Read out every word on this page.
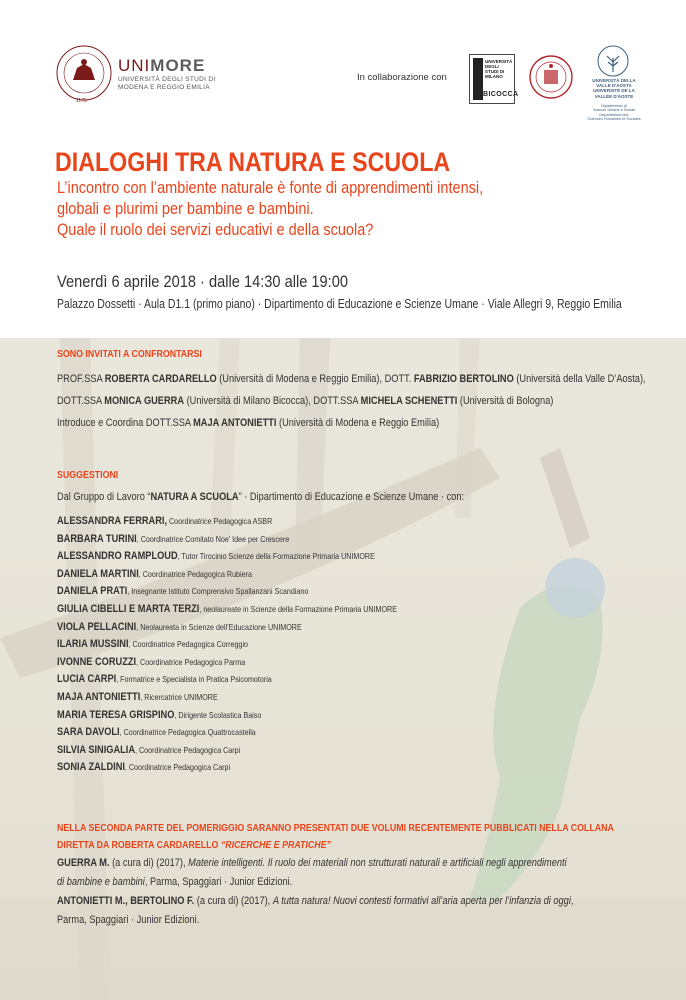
1175
UNIMORE
UNIVERSITÀ DEGLI STUDI DI
MODENA E REGGIO EMILIA
In collaborazione con
UNIVERSITÀ DEGLI STUDI DI MILANO
BICOCCA
UNIVERSITÀ DELLA
VALLE D'AOSTA
UNIVERSITÉ DE LA
VALLÉE D'AOSTE
Dipartimento di
Scienze Umane e Sociali
Département des
Sciences Humaines et Sociales
DIALOGHI TRA NATURA E SCUOLA
L’incontro con l’ambiente naturale è fonte di apprendimenti intensi,
globali e plurimi per bambine e bambini.
Quale il ruolo dei servizi educativi e della scuola?
Venerdì 6 aprile 2018 · dalle 14:30 alle 19:00
Palazzo Dossetti · Aula D1.1 (primo piano) · Dipartimento di Educazione e Scienze Umane · Viale Allegri 9, Reggio Emilia
SONO INVITATI A CONFRONTARSI
PROF.SSA ROBERTA CARDARELLO (Università di Modena e Reggio Emilia), DOTT. FABRIZIO BERTOLINO (Università della Valle D’Aosta),
DOTT.SSA MONICA GUERRA (Università di Milano Bicocca), DOTT.SSA MICHELA SCHENETTI (Università di Bologna)
Introduce e Coordina DOTT.SSA MAJA ANTONIETTI (Università di Modena e Reggio Emilia)
SUGGESTIONI
Dal Gruppo di Lavoro “NATURA A SCUOLA” · Dipartimento di Educazione e Scienze Umane · con:
ALESSANDRA FERRARI, Coordinatrice Pedagogica ASBR
BARBARA TURINI, Coordinatrice Comitato Noe’ Idee per Crescere
ALESSANDRO RAMPLOUD, Tutor Tirocinio Scienze della Formazione Primaria UNIMORE
DANIELA MARTINI, Coordinatrice Pedagogica Rubiera
DANIELA PRATI, Insegnante Istituto Comprensivo Spallanzani Scandiano
GIULIA CIBELLI E MARTA TERZI, neolaureate in Scienze della Formazione Primaria UNIMORE
VIOLA PELLACINI, Neolaureata in Scienze dell’Educazione UNIMORE
ILARIA MUSSINI, Coordinatrice Pedagogica Correggio
IVONNE CORUZZI, Coordinatrice Pedagogica Parma
LUCIA CARPI, Formatrice e Specialista in Pratica Psicomotoria
MAJA ANTONIETTI, Ricercatrice UNIMORE
MARIA TERESA GRISPINO, Dirigente Scolastica Baiso
SARA DAVOLI, Coordinatrice Pedagogica Quattrocastella
SILVIA SINIGALIA, Coordinatrice Pedagogica Carpi
SONIA ZALDINI, Coordinatrice Pedagogica Carpi
NELLA SECONDA PARTE DEL POMERIGGIO SARANNO PRESENTATI DUE VOLUMI RECENTEMENTE PUBBLICATI NELLA COLLANA
DIRETTA DA ROBERTA CARDARELLO “RICERCHE E PRATICHE”
GUERRA M. (a cura di) (2017), Materie intelligenti. Il ruolo dei materiali non strutturati naturali e artificiali negli apprendimenti
di bambine e bambini, Parma, Spaggiari · Junior Edizioni.
ANTONIETTI M., BERTOLINO F. (a cura di) (2017), A tutta natura! Nuovi contesti formativi all’aria aperta per l’infanzia di oggi,
Parma, Spaggiari · Junior Edizioni.
